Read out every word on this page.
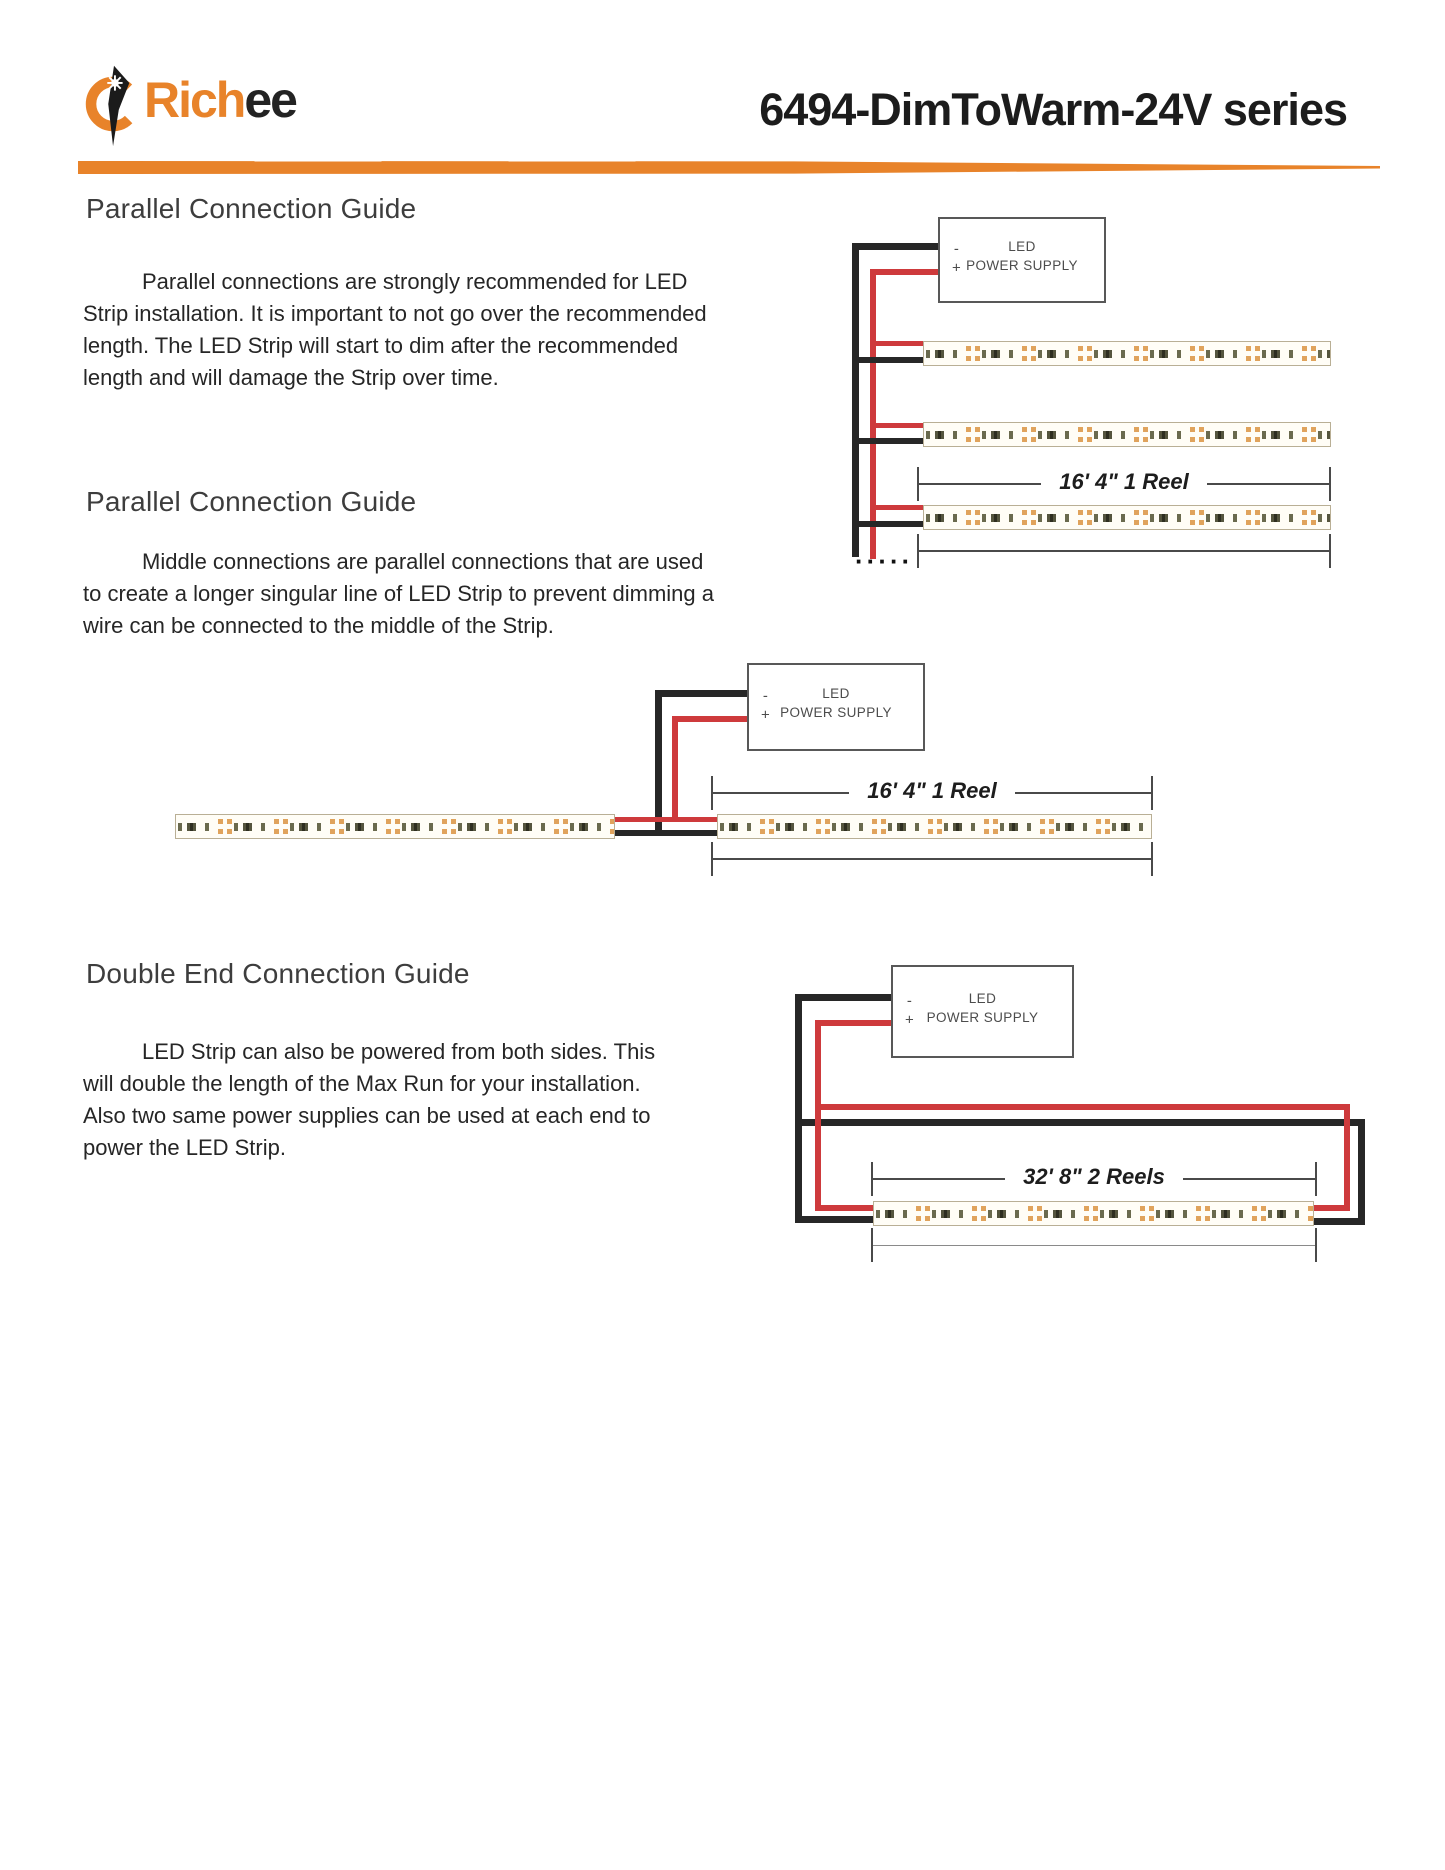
Richee	6494-DimToWarm-24V series
Parallel Connection Guide
Parallel connections are strongly recommended for LED Strip installation. It is important to not go over the recommended length. The LED Strip will start to dim after the recommended length and will damage the Strip over time.
-
+
LED
POWER SUPPLY
16' 4" 1 Reel
·····
Parallel Connection Guide
Middle connections are parallel connections that are used to create a longer singular line of LED Strip to prevent dimming a wire can be connected to the middle of the Strip.
-
+
LED
POWER SUPPLY
16' 4" 1 Reel
Double End Connection Guide
LED Strip can also be powered from both sides. This will double the length of the Max Run for your installation. Also two same power supplies can be used at each end to power the LED Strip.
-
+
LED
POWER SUPPLY
32' 8" 2 Reels
